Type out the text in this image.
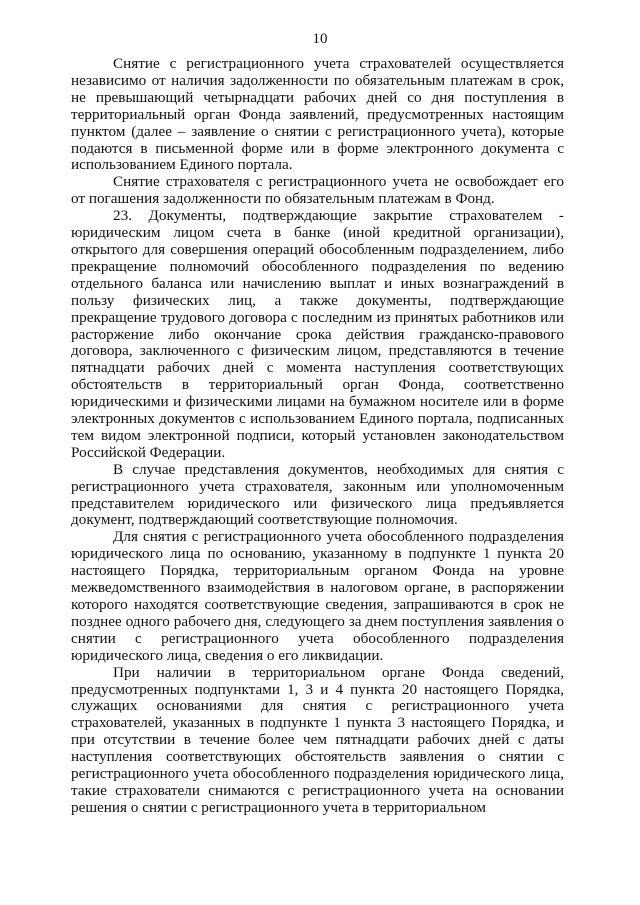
10

Снятие с регистрационного учета страхователей осуществляется независимо от наличия задолженности по обязательным платежам в срок, не превышающий четырнадцати рабочих дней со дня поступления в территориальный орган Фонда заявлений, предусмотренных настоящим пунктом (далее – заявление о снятии с регистрационного учета), которые подаются в письменной форме или в форме электронного документа с использованием Единого портала.

Снятие страхователя с регистрационного учета не освобождает его от погашения задолженности по обязательным платежам в Фонд.

23. Документы, подтверждающие закрытие страхователем - юридическим лицом счета в банке (иной кредитной организации), открытого для совершения операций обособленным подразделением, либо прекращение полномочий обособленного подразделения по ведению отдельного баланса или начислению выплат и иных вознаграждений в пользу физических лиц, а также документы, подтверждающие прекращение трудового договора с последним из принятых работников или расторжение либо окончание срока действия гражданско-правового договора, заключенного с физическим лицом, представляются в течение пятнадцати рабочих дней с момента наступления соответствующих обстоятельств в территориальный орган Фонда, соответственно юридическими и физическими лицами на бумажном носителе или в форме электронных документов с использованием Единого портала, подписанных тем видом электронной подписи, который установлен законодательством Российской Федерации.

В случае представления документов, необходимых для снятия с регистрационного учета страхователя, законным или уполномоченным представителем юридического или физического лица предъявляется документ, подтверждающий соответствующие полномочия.

Для снятия с регистрационного учета обособленного подразделения юридического лица по основанию, указанному в подпункте 1 пункта 20 настоящего Порядка, территориальным органом Фонда на уровне межведомственного взаимодействия в налоговом органе, в распоряжении которого находятся соответствующие сведения, запрашиваются в срок не позднее одного рабочего дня, следующего за днем поступления заявления о снятии с регистрационного учета обособленного подразделения юридического лица, сведения о его ликвидации.

При наличии в территориальном органе Фонда сведений, предусмотренных подпунктами 1, 3 и 4 пункта 20 настоящего Порядка, служащих основаниями для снятия с регистрационного учета страхователей, указанных в подпункте 1 пункта 3 настоящего Порядка, и при отсутствии в течение более чем пятнадцати рабочих дней с даты наступления соответствующих обстоятельств заявления о снятии с регистрационного учета обособленного подразделения юридического лица, такие страхователи снимаются с регистрационного учета на основании решения о снятии с регистрационного учета в территориальном
